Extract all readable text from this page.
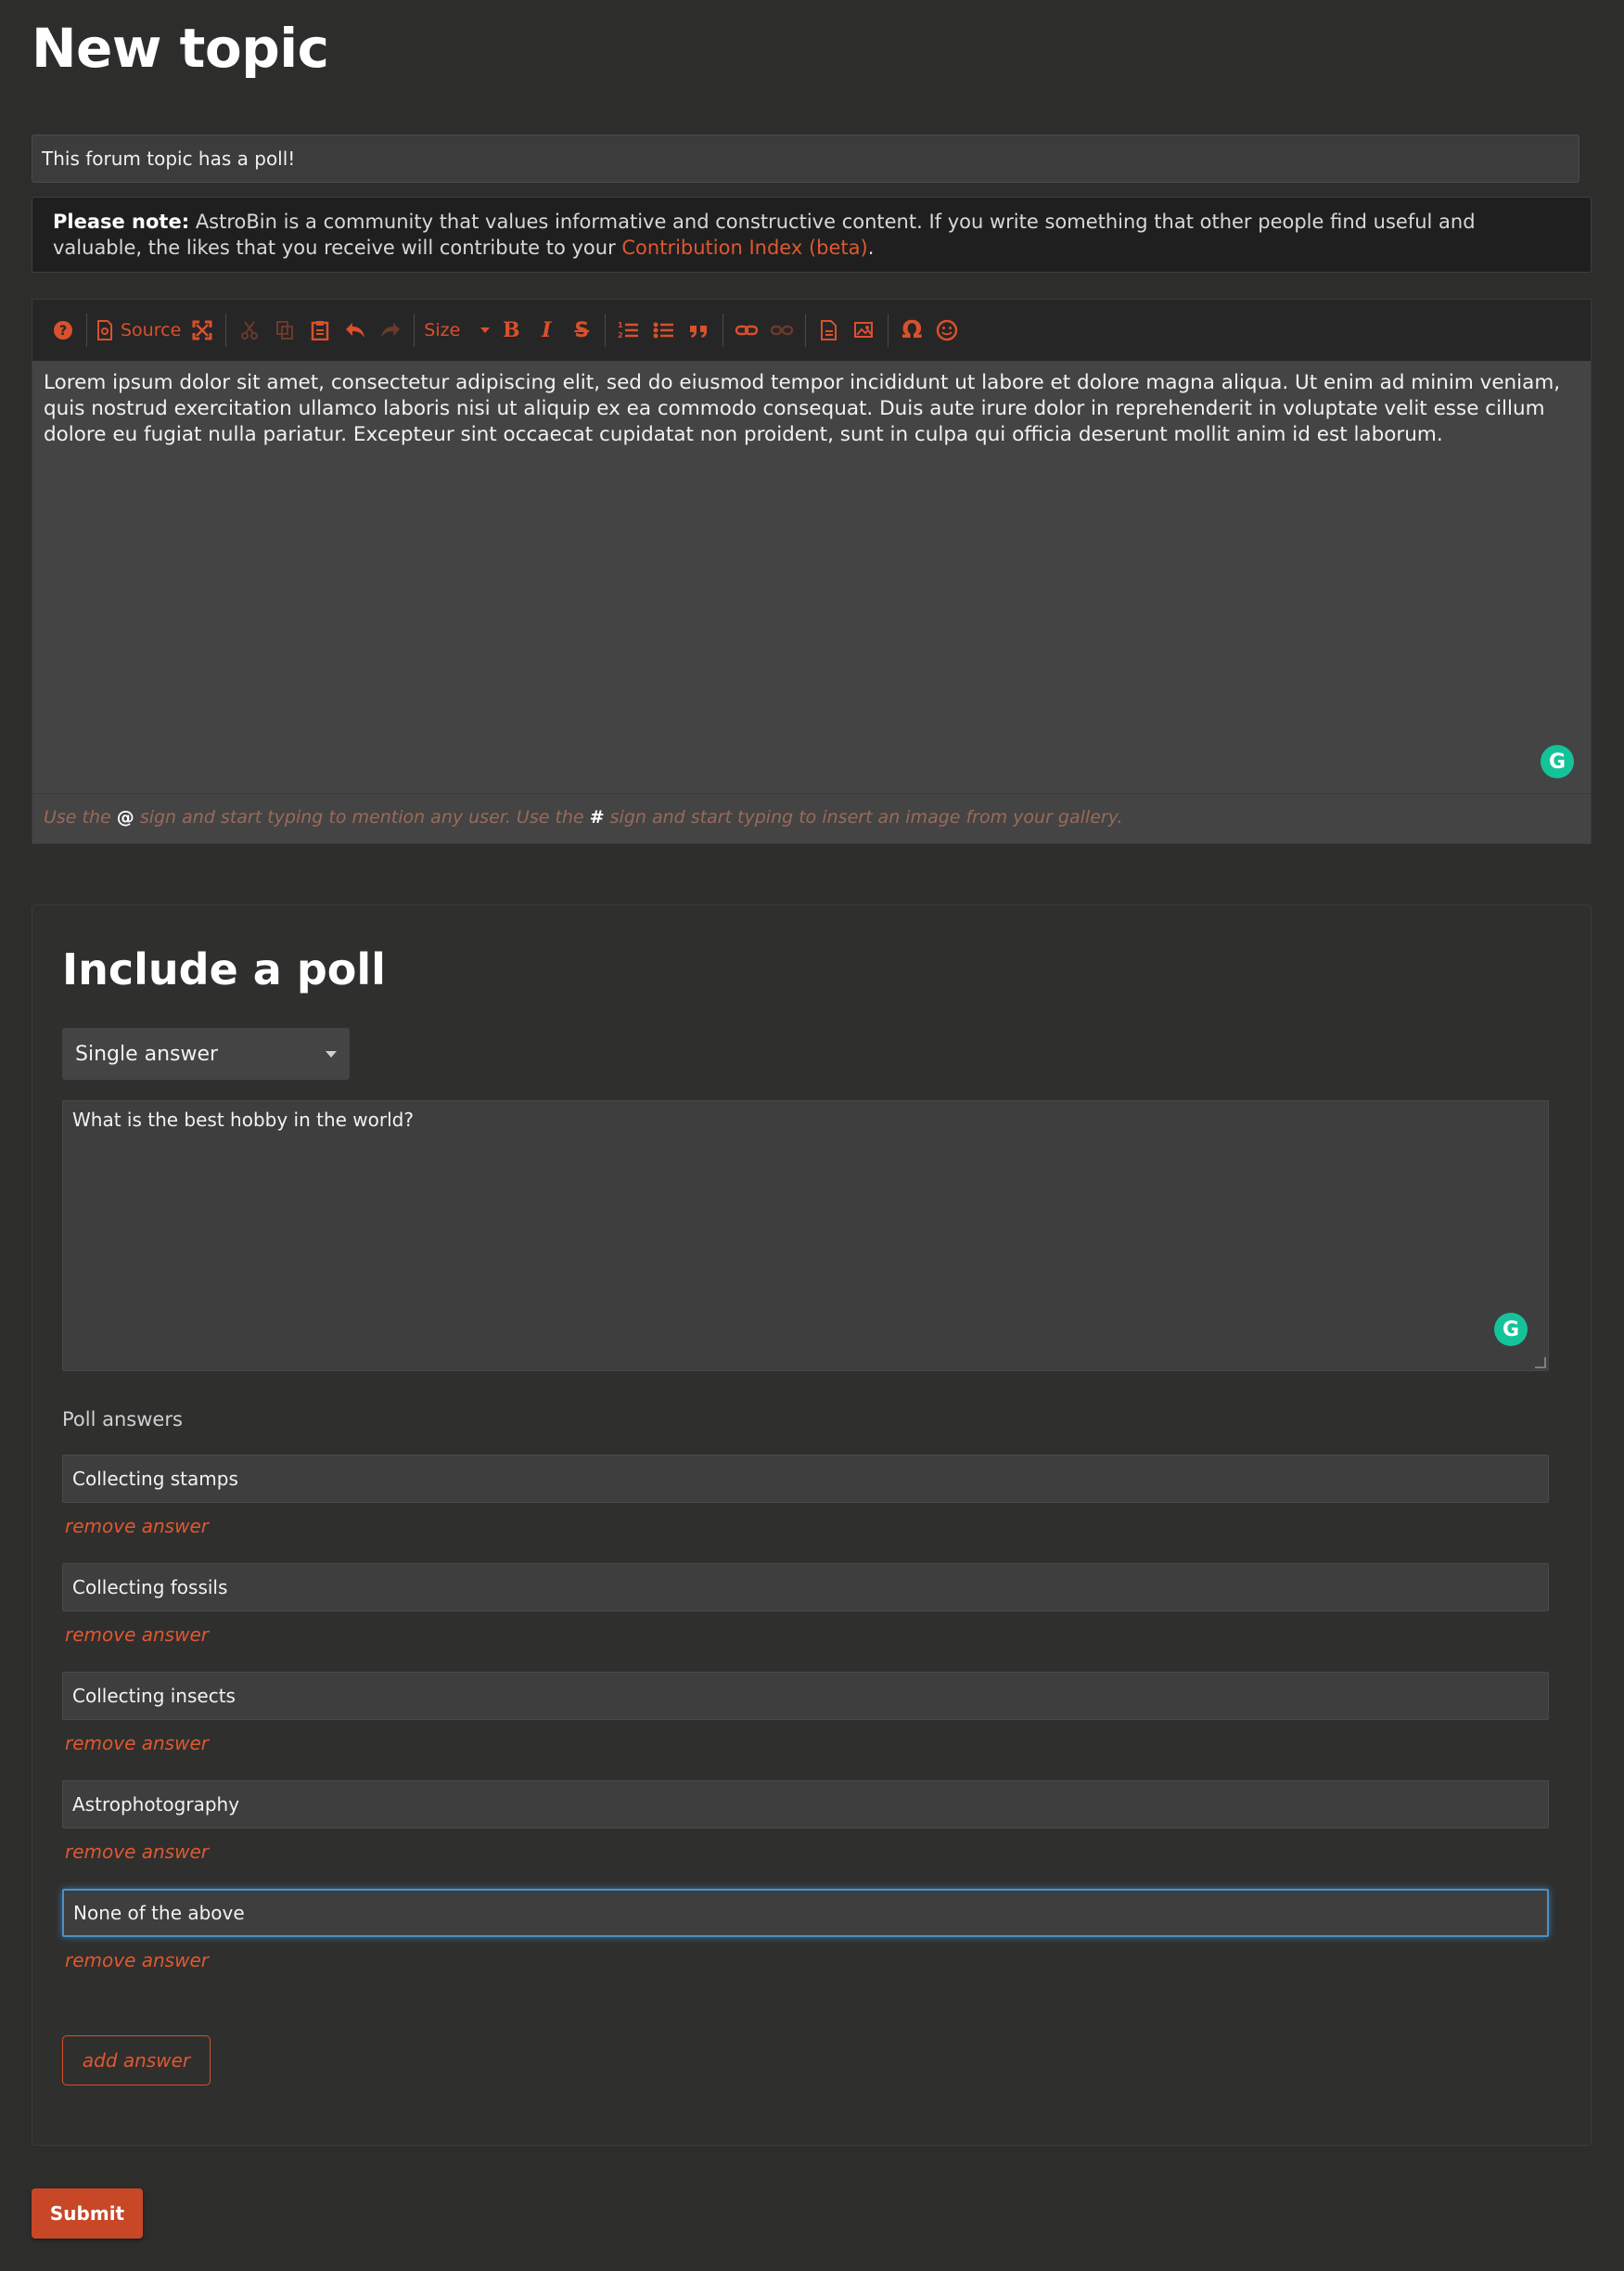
New topic
This forum topic has a poll!
Please note: AstroBin is a community that values informative and constructive content. If you write something that other people find useful and valuable, the likes that you receive will contribute to your Contribution Index (beta).
?	Source	Size	B	I	S	1
2	Ω
Lorem ipsum dolor sit amet, consectetur adipiscing elit, sed do eiusmod tempor incididunt ut labore et dolore magna aliqua. Ut enim ad minim veniam, quis nostrud exercitation ullamco laboris nisi ut aliquip ex ea commodo consequat. Duis aute irure dolor in reprehenderit in voluptate velit esse cillum dolore eu fugiat nulla pariatur. Excepteur sint occaecat cupidatat non proident, sunt in culpa qui officia deserunt mollit anim id est laborum.
G
Use the @ sign and start typing to mention any user. Use the # sign and start typing to insert an image from your gallery.
Include a poll
Single answer
What is the best hobby in the world?
G
Poll answers
Collecting stamps
remove answer
Collecting fossils
remove answer
Collecting insects
remove answer
Astrophotography
remove answer
None of the above
remove answer
add answer
Submit
